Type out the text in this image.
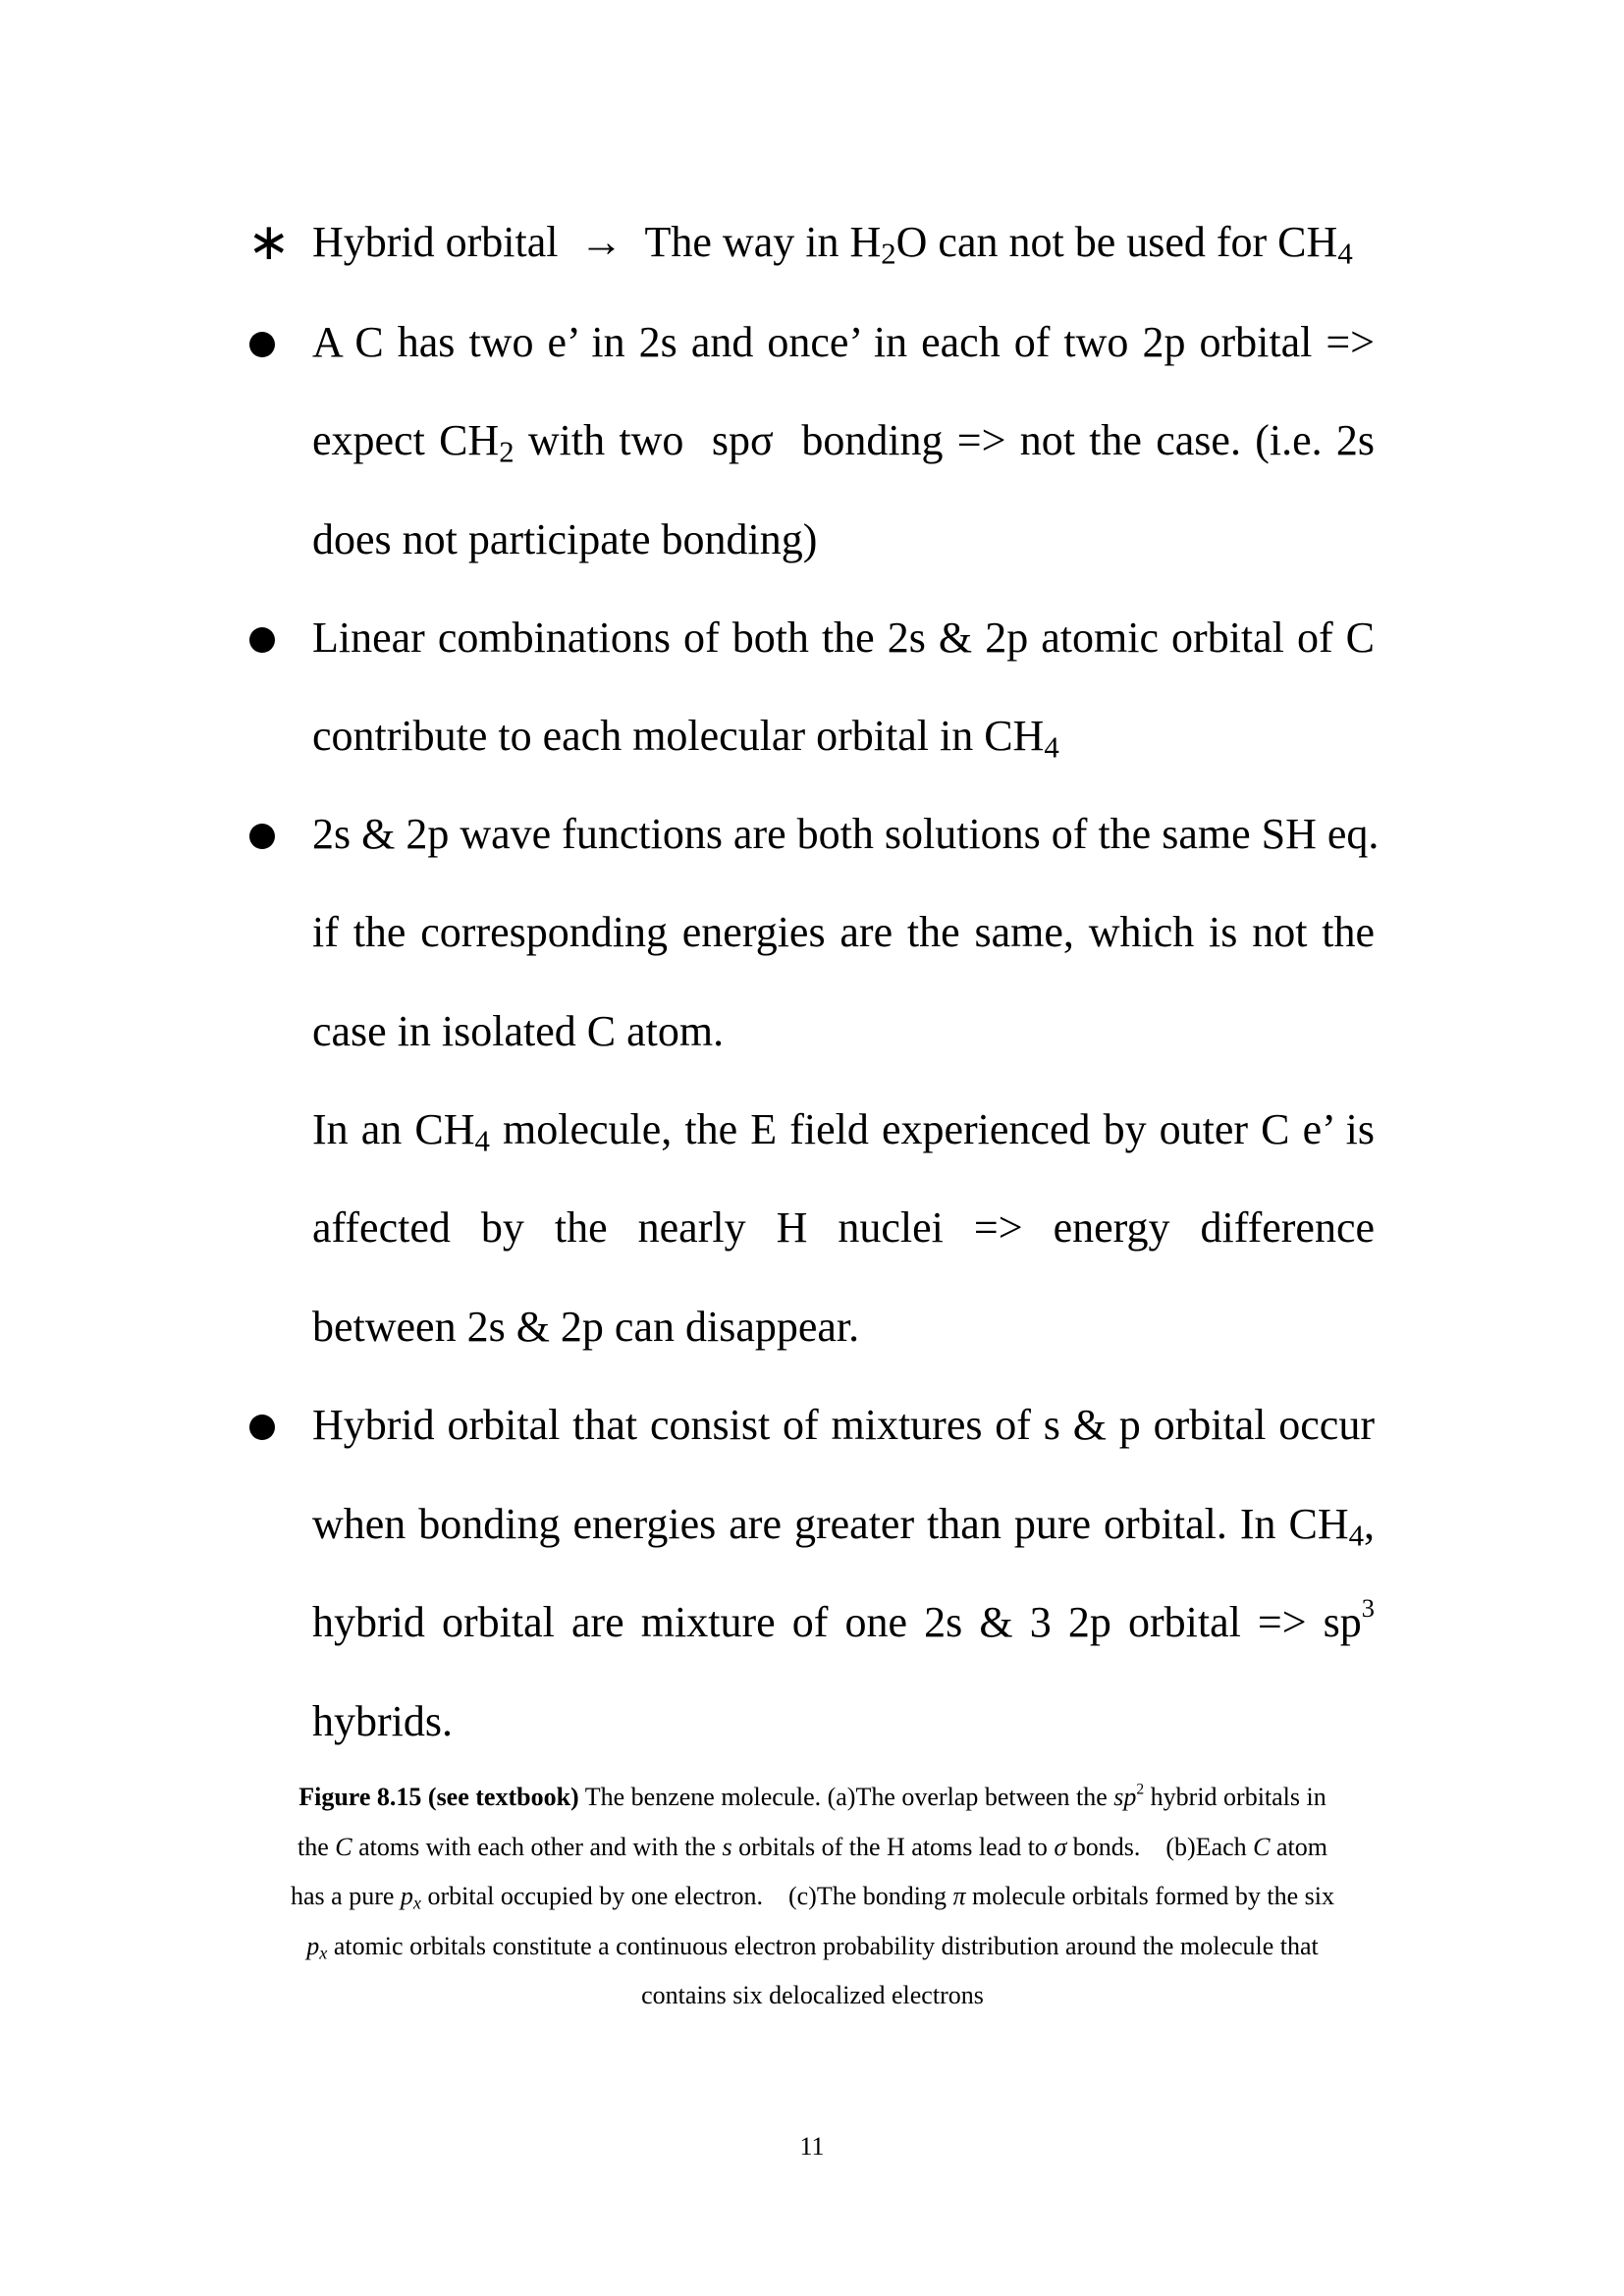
∗ Hybrid orbital → The way in $H_2O$ can not be used for $CH_4$
A C has two e’ in 2s and once’ in each of two 2p orbital =>
expect $CH_2$ with two  spσ  bonding => not the case. (i.e. 2s
does not participate bonding)
Linear combinations of both the 2s & 2p atomic orbital of C
contribute to each molecular orbital in $CH_4$
2s & 2p wave functions are both solutions of the same SH eq.
if the corresponding energies are the same, which is not the
case in isolated C atom.
In an $CH_4$ molecule, the E field experienced by outer C e’ is
affected by the nearly H nuclei => energy difference
between 2s & 2p can disappear.
Hybrid orbital that consist of mixtures of s & p orbital occur
when bonding energies are greater than pure orbital. In $CH_4$,
hybrid orbital are mixture of one 2s & 3 2p orbital => $sp^3$
hybrids.
Figure 8.15 (see textbook) The benzene molecule. (a)The overlap between the $sp^2$ hybrid orbitals in
the C atoms with each other and with the s orbitals of the H atoms lead to σ bonds.    (b)Each C atom
has a pure $p_x$ orbital occupied by one electron.    (c)The bonding π molecule orbitals formed by the six
$p_x$ atomic orbitals constitute a continuous electron probability distribution around the molecule that
contains six delocalized electrons
11
